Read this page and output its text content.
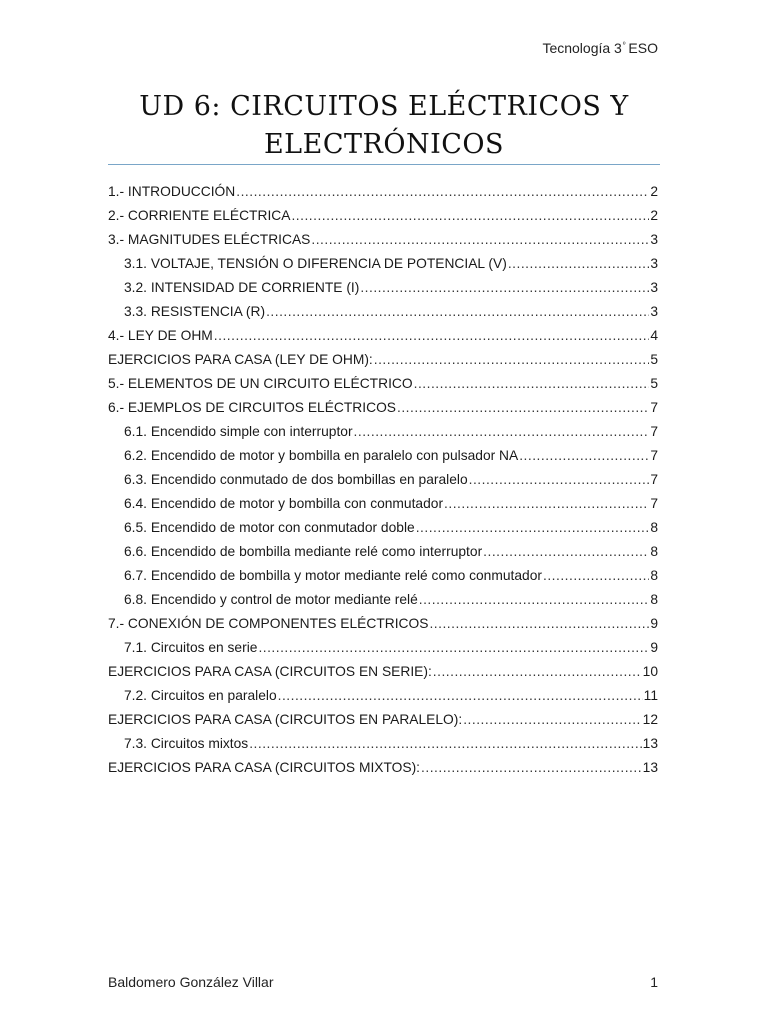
Tecnología $3^º$ ESO
UD 6: CIRCUITOS ELÉCTRICOS Y ELECTRÓNICOS
1.- INTRODUCCIÓN .....	2
2.- CORRIENTE ELÉCTRICA .....	2
3.- MAGNITUDES ELÉCTRICAS .....	3
3.1. VOLTAJE, TENSIÓN O DIFERENCIA DE POTENCIAL (V) .....	3
3.2. INTENSIDAD DE CORRIENTE (I) .....	3
3.3. RESISTENCIA (R) .....	3
4.- LEY DE OHM .....	4
EJERCICIOS PARA CASA (LEY DE OHM): .....	5
5.- ELEMENTOS DE UN CIRCUITO ELÉCTRICO .....	5
6.- EJEMPLOS DE CIRCUITOS ELÉCTRICOS .....	7
6.1. Encendido simple con interruptor .....	7
6.2. Encendido de motor y bombilla en paralelo con pulsador NA .....	7
6.3. Encendido conmutado de dos bombillas en paralelo .....	7
6.4. Encendido de motor y bombilla con conmutador .....	7
6.5. Encendido de motor con conmutador doble .....	8
6.6. Encendido de bombilla mediante relé como interruptor .....	8
6.7. Encendido de bombilla y motor mediante relé como conmutador .....	8
6.8. Encendido y control de motor mediante relé .....	8
7.- CONEXIÓN DE COMPONENTES ELÉCTRICOS .....	9
7.1. Circuitos en serie .....	9
EJERCICIOS PARA CASA (CIRCUITOS EN SERIE): .....	10
7.2. Circuitos en paralelo .....	11
EJERCICIOS PARA CASA (CIRCUITOS EN PARALELO): .....	12
7.3. Circuitos mixtos .....	13
EJERCICIOS PARA CASA (CIRCUITOS MIXTOS): .....	13
Baldomero González Villar	1
